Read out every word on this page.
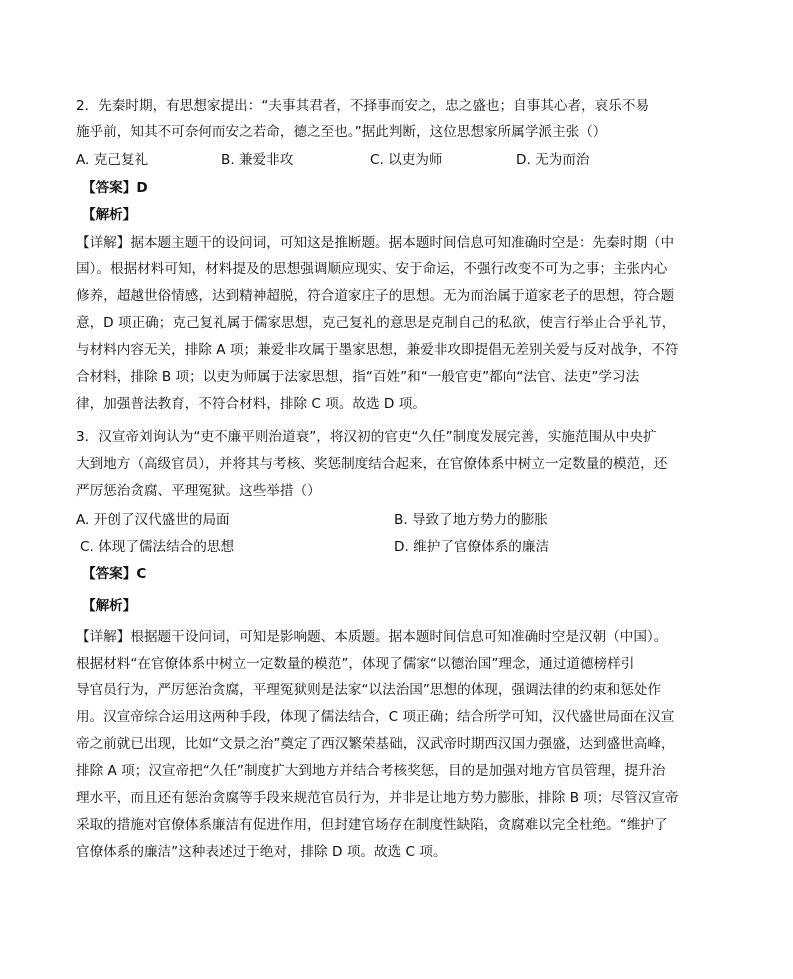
2．先秦时期，有思想家提出：“夫事其君者，不择事而安之，忠之盛也；自事其心者，哀乐不易
施乎前，知其不可奈何而安之若命，德之至也。”据此判断，这位思想家所属学派主张（）
A. 克己复礼	B. 兼爱非攻	C. 以吏为师	D. 无为而治
【答案】D
【解析】
【详解】据本题主题干的设问词，可知这是推断题。据本题时间信息可知准确时空是：先秦时期（中
国）。根据材料可知，材料提及的思想强调顺应现实、安于命运，不强行改变不可为之事；主张内心
修养，超越世俗情感，达到精神超脱，符合道家庄子的思想。无为而治属于道家老子的思想，符合题
意，D 项正确；克己复礼属于儒家思想，克己复礼的意思是克制自己的私欲，使言行举止合乎礼节，
与材料内容无关，排除 A 项；兼爱非攻属于墨家思想，兼爱非攻即提倡无差别关爱与反对战争，不符
合材料，排除 B 项；以吏为师属于法家思想，指“百姓”和“一般官吏”都向“法官、法吏”学习法
律，加强普法教育，不符合材料，排除 C 项。故选 D 项。
3．汉宣帝刘询认为“吏不廉平则治道衰”，将汉初的官吏“久任”制度发展完善，实施范围从中央扩
大到地方（高级官员），并将其与考核、奖惩制度结合起来，在官僚体系中树立一定数量的模范，还
严厉惩治贪腐、平理冤狱。这些举措（）
A. 开创了汉代盛世的局面	B. 导致了地方势力的膨胀
C. 体现了儒法结合的思想	D. 维护了官僚体系的廉洁
【答案】C
【解析】
【详解】根据题干设问词，可知是影响题、本质题。据本题时间信息可知准确时空是汉朝（中国）。
根据材料“在官僚体系中树立一定数量的模范”，体现了儒家“以德治国”理念，通过道德榜样引
导官员行为，严厉惩治贪腐，平理冤狱则是法家“以法治国”思想的体现，强调法律的约束和惩处作
用。汉宣帝综合运用这两种手段，体现了儒法结合，C 项正确；结合所学可知，汉代盛世局面在汉宣
帝之前就已出现，比如“文景之治”奠定了西汉繁荣基础，汉武帝时期西汉国力强盛，达到盛世高峰，
排除 A 项；汉宣帝把“久任”制度扩大到地方并结合考核奖惩，目的是加强对地方官员管理，提升治
理水平，而且还有惩治贪腐等手段来规范官员行为，并非是让地方势力膨胀，排除 B 项；尽管汉宣帝
采取的措施对官僚体系廉洁有促进作用，但封建官场存在制度性缺陷，贪腐难以完全杜绝。“维护了
官僚体系的廉洁”这种表述过于绝对，排除 D 项。故选 C 项。
